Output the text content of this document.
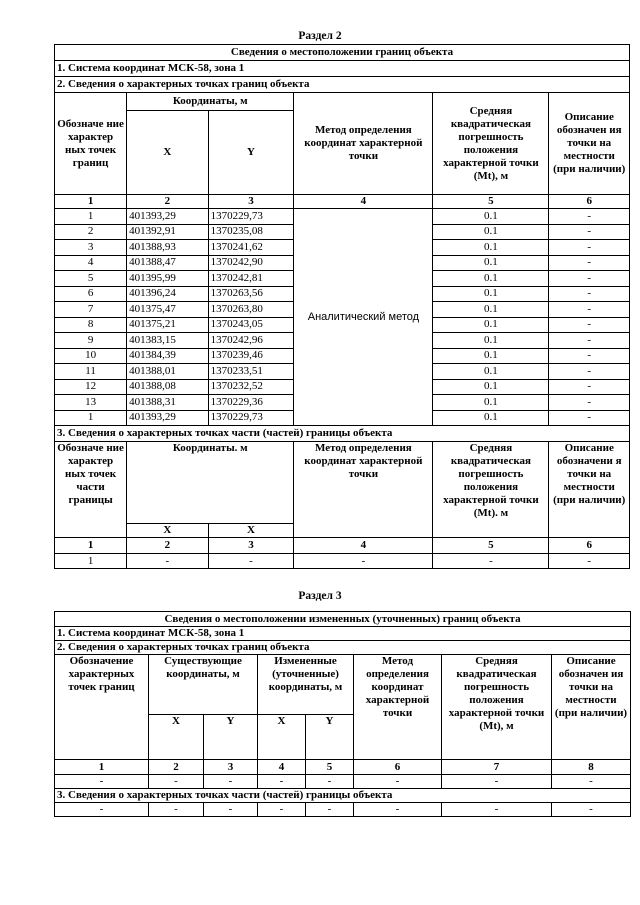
Раздел 2
Сведения о местоположении границ объекта					
1. Система координат МСК-58, зона 1					
2. Сведения о характерных точках границ объекта					
Обозначе ние характер ных точек границ	Координаты, м		Метод определения координат характерной точки	Средняя квадратическая погрешность положения характерной точки (Mt), м	Описание обозначен ия точки на местности (при наличии)
	X	Y			
1	2	3	4	5	6
1	401393,29	1370229,73	Аналитический метод	0.1	-
2	401392,91	1370235,08		0.1	-
3	401388,93	1370241,62		0.1	-
4	401388,47	1370242,90		0.1	-
5	401395,99	1370242,81		0.1	-
6	401396,24	1370263,56		0.1	-
7	401375,47	1370263,80		0.1	-
8	401375,21	1370243,05		0.1	-
9	401383,15	1370242,96		0.1	-
10	401384,39	1370239,46		0.1	-
11	401388,01	1370233,51		0.1	-
12	401388,08	1370232,52		0.1	-
13	401388,31	1370229,36		0.1	-
1	401393,29	1370229,73		0.1	-
3. Сведения о характерных точках части (частей) границы объекта					
Обозначе ние характер ных точек части границы	Координаты. м		Метод определения координат характерной точки	Средняя квадратическая погрешность положения характерной точки (Mt). м	Описание обозначени я точки на местности (при наличии)
	X	X			
1	2	3	4	5	6
1	-	-	-	-	-
Раздел 3
Сведения о местоположении измененных (уточненных) границ объекта							
1. Система координат МСК-58, зона 1							
2. Сведения о характерных точках границ объекта							
Обозначение характерных точек границ	Существующие координаты, м		Измененные (уточненные) координаты, м		Метод определения координат характерной точки	Средняя квадратическая погрешность положения характерной точки (Mt), м	Описание обозначен ия точки на местности (при наличии)
	X	Y	X	Y			
1	2	3	4	5	6	7	8
-	-	-	-	-	-	-	-
3. Сведения о характерных точках части (частей) границы объекта							
-	-	-	-	-	-	-	-
